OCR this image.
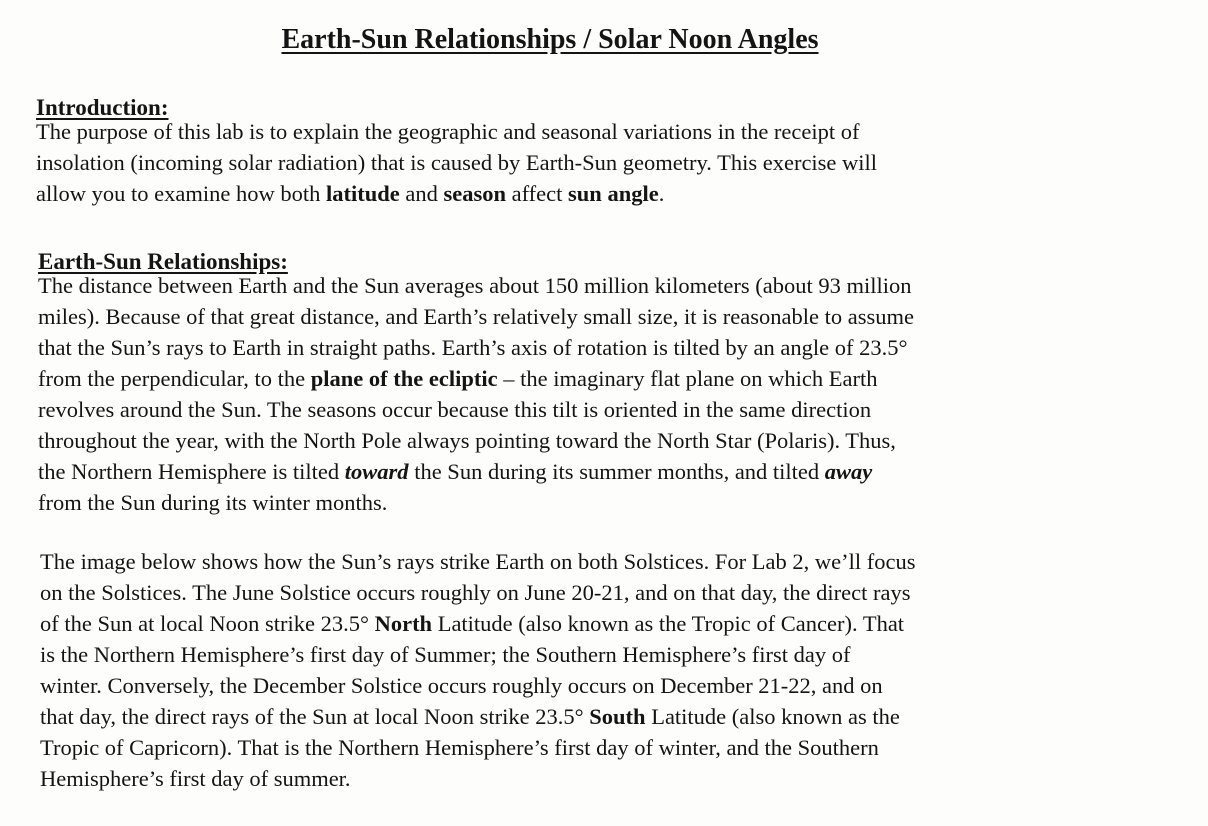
Earth-Sun Relationships / Solar Noon Angles
Introduction:
The purpose of this lab is to explain the geographic and seasonal variations in the receipt of
insolation (incoming solar radiation) that is caused by Earth-Sun geometry. This exercise will
allow you to examine how both latitude and season affect sun angle.
Earth-Sun Relationships:
The distance between Earth and the Sun averages about 150 million kilometers (about 93 million
miles). Because of that great distance, and Earth’s relatively small size, it is reasonable to assume
that the Sun’s rays to Earth in straight paths. Earth’s axis of rotation is tilted by an angle of 23.5°
from the perpendicular, to the plane of the ecliptic – the imaginary flat plane on which Earth
revolves around the Sun. The seasons occur because this tilt is oriented in the same direction
throughout the year, with the North Pole always pointing toward the North Star (Polaris). Thus,
the Northern Hemisphere is tilted toward the Sun during its summer months, and tilted away
from the Sun during its winter months.
The image below shows how the Sun’s rays strike Earth on both Solstices. For Lab 2, we’ll focus
on the Solstices. The June Solstice occurs roughly on June 20-21, and on that day, the direct rays
of the Sun at local Noon strike 23.5° North Latitude (also known as the Tropic of Cancer). That
is the Northern Hemisphere’s first day of Summer; the Southern Hemisphere’s first day of
winter. Conversely, the December Solstice occurs roughly occurs on December 21-22, and on
that day, the direct rays of the Sun at local Noon strike 23.5° South Latitude (also known as the
Tropic of Capricorn). That is the Northern Hemisphere’s first day of winter, and the Southern
Hemisphere’s first day of summer.
